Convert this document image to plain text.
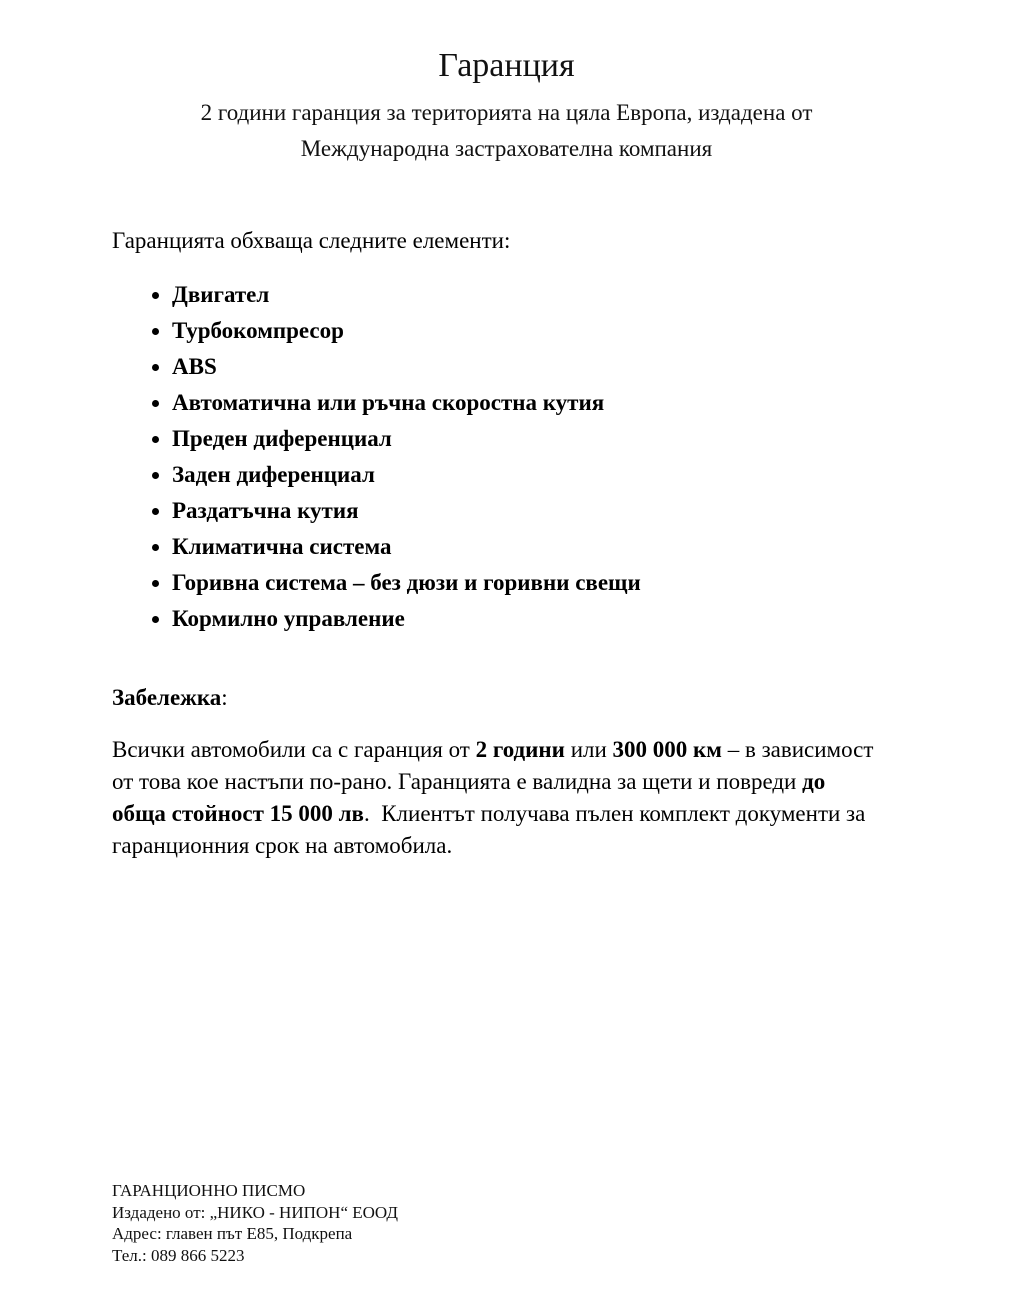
Гаранция

2 години гаранция за територията на цяла Европа, издадена от
Международна застрахователна компания

Гаранцията обхваща следните елементи:

• Двигател
• Турбокомпресор
• ABS
• Автоматична или ръчна скоростна кутия
• Преден диференциал
• Заден диференциал
• Раздатъчна кутия
• Климатична система
• Горивна система – без дюзи и горивни свещи
• Кормилно управление

Забележка:

Всички автомобили са с гаранция от 2 години или 300 000 км – в зависимост от това кое настъпи по-рано. Гаранцията е валидна за щети и повреди до обща стойност 15 000 лв.  Клиентът получава пълен комплект документи за гаранционния срок на автомобила.

ГАРАНЦИОННО ПИСМО
Издадено от: „НИКО - НИПОН“ ЕООД
Адрес: главен път E85, Подкрепа
Тел.: 089 866 5223
